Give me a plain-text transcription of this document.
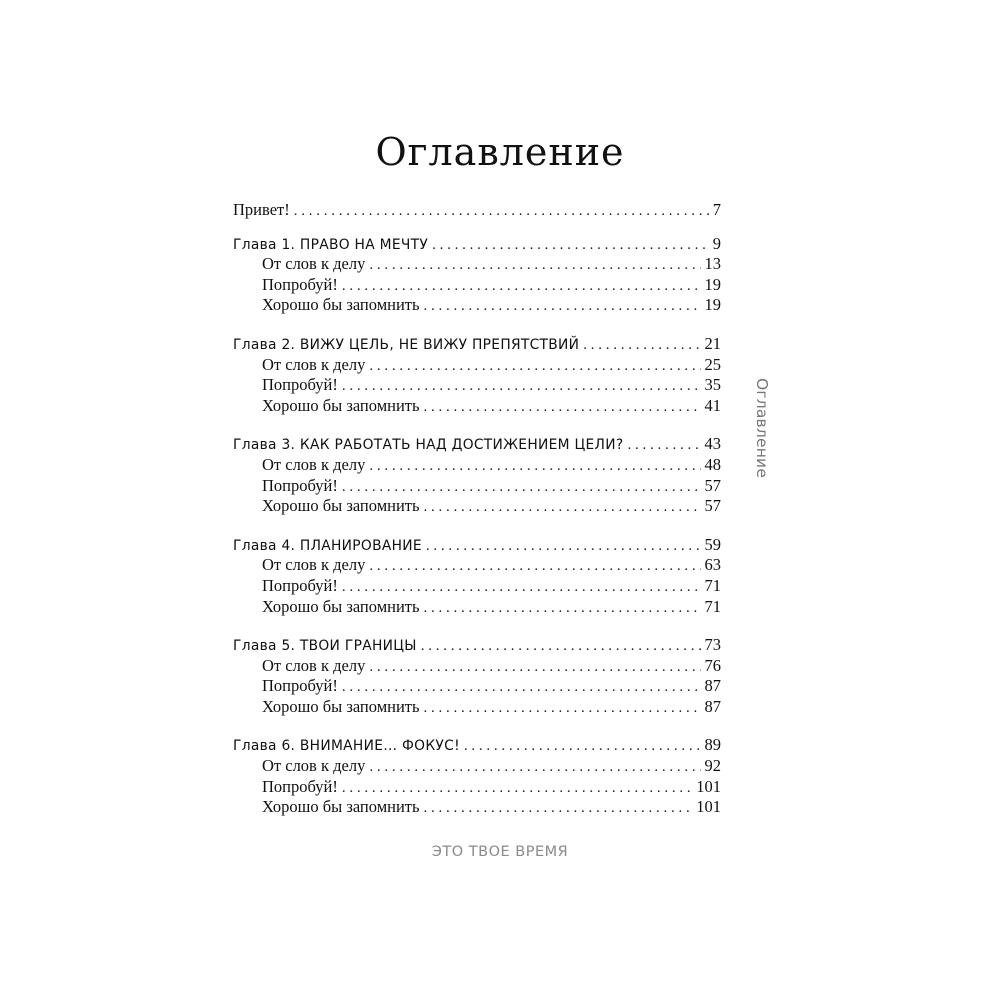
Оглавление
Привет! . . .	7
Глава 1. ПРАВО НА МЕЧТУ . . .	9
От слов к делу . . .	13
Попробуй! . . .	19
Хорошо бы запомнить . . .	19
Глава 2. ВИЖУ ЦЕЛЬ, НЕ ВИЖУ ПРЕПЯТСТВИЙ . . .	21
От слов к делу . . .	25
Попробуй! . . .	35
Хорошо бы запомнить . . .	41
Глава 3. КАК РАБОТАТЬ НАД ДОСТИЖЕНИЕМ ЦЕЛИ? . . .	43
От слов к делу . . .	48
Попробуй! . . .	57
Хорошо бы запомнить . . .	57
Глава 4. ПЛАНИРОВАНИЕ . . .	59
От слов к делу . . .	63
Попробуй! . . .	71
Хорошо бы запомнить . . .	71
Глава 5. ТВОИ ГРАНИЦЫ . . .	73
От слов к делу . . .	76
Попробуй! . . .	87
Хорошо бы запомнить . . .	87
Глава 6. ВНИМАНИЕ… ФОКУС! . . .	89
От слов к делу . . .	92
Попробуй! . . .	101
Хорошо бы запомнить . . .	101
Оглавление
ЭТО ТВОЕ ВРЕМЯ
